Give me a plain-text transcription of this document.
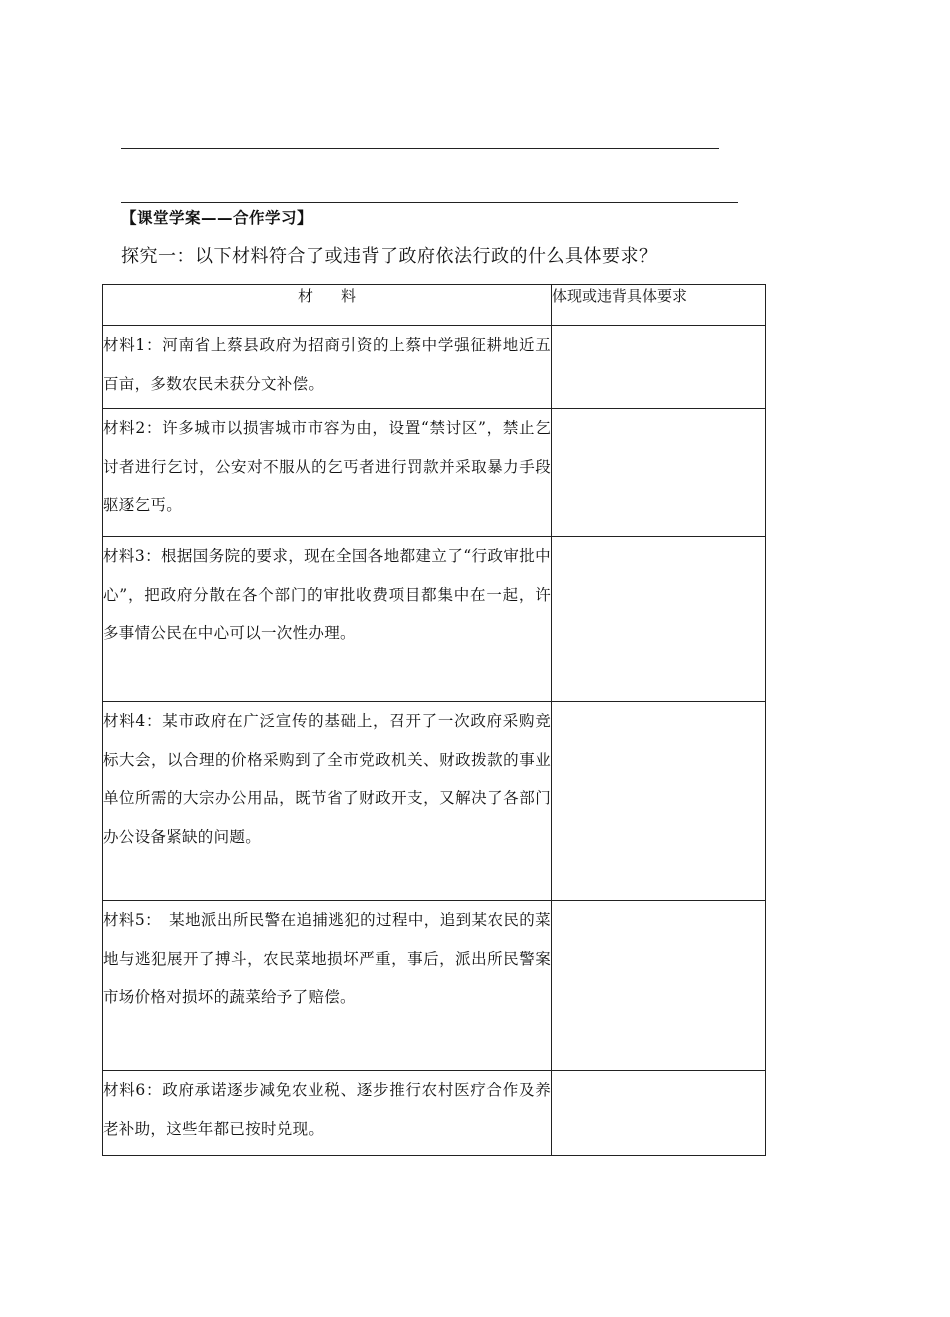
【课堂学案——合作学习】
探究一：以下材料符合了或违背了政府依法行政的什么具体要求？
材 料	体现或违背具体要求
材料1：河南省上蔡县政府为招商引资的上蔡中学强征耕地近五百亩，多数农民未获分文补偿。	
材料2：许多城市以损害城市市容为由，设置“禁讨区”，禁止乞讨者进行乞讨，公安对不服从的乞丐者进行罚款并采取暴力手段驱逐乞丐。	
材料3：根据国务院的要求，现在全国各地都建立了“行政审批中心”，把政府分散在各个部门的审批收费项目都集中在一起，许多事情公民在中心可以一次性办理。	
材料4：某市政府在广泛宣传的基础上，召开了一次政府采购竞标大会，以合理的价格采购到了全市党政机关、财政拨款的事业单位所需的大宗办公用品，既节省了财政开支，又解决了各部门办公设备紧缺的问题。	
材料5：　某地派出所民警在追捕逃犯的过程中，追到某农民的菜地与逃犯展开了搏斗，农民菜地损坏严重，事后，派出所民警案市场价格对损坏的蔬菜给予了赔偿。	
材料6：政府承诺逐步减免农业税、逐步推行农村医疗合作及养老补助，这些年都已按时兑现。	
